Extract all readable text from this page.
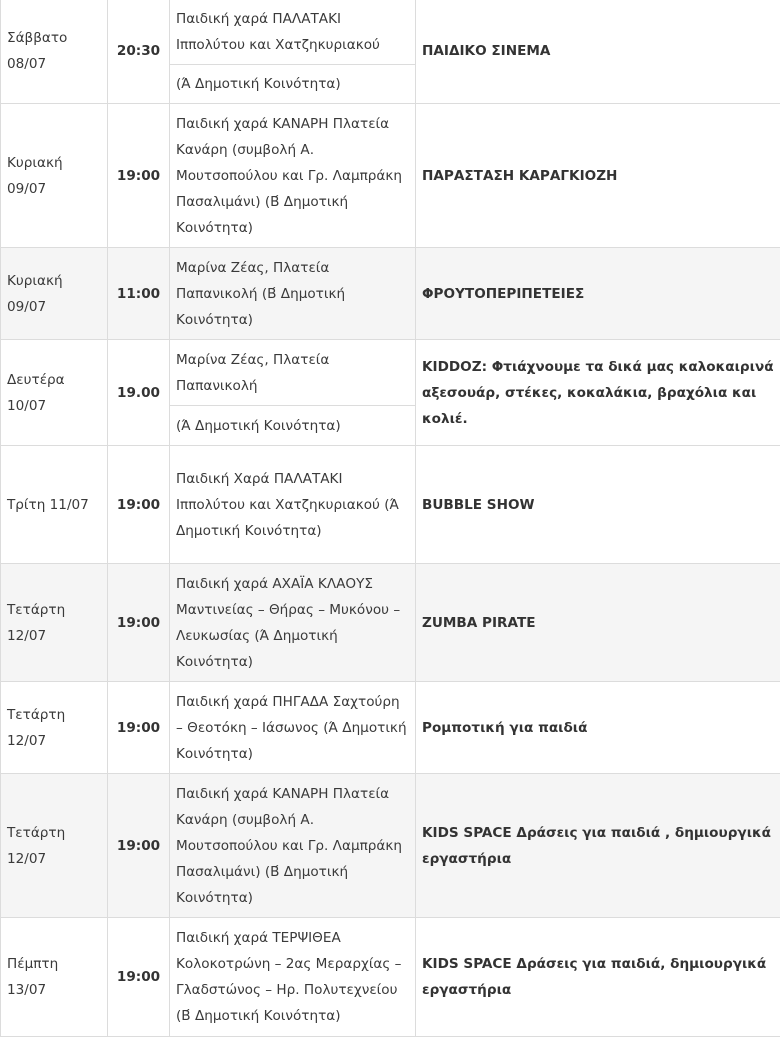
Σάββατο 08/07	20:30	Παιδική χαρά ΠΑΛΑΤΑΚΙ Ιππολύτου και Χατζηκυριακού	ΠΑΙΔΙΚΟ ΣΙΝΕΜΑ
		(Ά Δημοτική Κοινότητα)	
Κυριακή 09/07	19:00	Παιδική χαρά ΚΑΝΑΡΗ Πλατεία Κανάρη (συμβολή Α. Μουτσοπούλου και Γρ. Λαμπράκη Πασαλιμάνι) (Β́ Δημοτική Κοινότητα)	ΠΑΡΑΣΤΑΣΗ ΚΑΡΑΓΚΙΟΖΗ
Κυριακή 09/07	11:00	Μαρίνα Ζέας, Πλατεία Παπανικολή (Β́ Δημοτική Κοινότητα)	ΦΡΟΥΤΟΠΕΡΙΠΕΤΕΙΕΣ
Δευτέρα 10/07	19.00	Μαρίνα Ζέας, Πλατεία Παπανικολή	KIDDOZ: Φτιάχνουμε τα δικά μας καλοκαιρινά αξεσουάρ, στέκες, κοκαλάκια, βραχόλια και κολιέ.
		(Ά Δημοτική Κοινότητα)	
Τρίτη 11/07	19:00	Παιδική Χαρά ΠΑΛΑΤΑΚΙ Ιππολύτου και Χατζηκυριακού (Ά Δημοτική Κοινότητα)	BUBBLE SHOW
Τετάρτη 12/07	19:00	Παιδική χαρά ΑΧΑΪΑ ΚΛΑΟΥΣ Μαντινείας – Θήρας – Μυκόνου – Λευκωσίας (Ά Δημοτική Κοινότητα)	ZUMBA PIRATE
Τετάρτη 12/07	19:00	Παιδική χαρά ΠΗΓΑΔΑ Σαχτούρη – Θεοτόκη – Ιάσωνος (Ά Δημοτική Κοινότητα)	Ρομποτική για παιδιά
Τετάρτη 12/07	19:00	Παιδική χαρά ΚΑΝΑΡΗ Πλατεία Κανάρη (συμβολή Α. Μουτσοπούλου και Γρ. Λαμπράκη Πασαλιμάνι) (Β́ Δημοτική Κοινότητα)	KIDS SPACE Δράσεις για παιδιά , δημιουργικά εργαστήρια
Πέμπτη 13/07	19:00	Παιδική χαρά ΤΕΡΨΙΘΕΑ Κολοκοτρώνη – 2ας Μεραρχίας – Γλαδστώνος – Ηρ. Πολυτεχνείου (Β́ Δημοτική Κοινότητα)	KIDS SPACE Δράσεις για παιδιά, δημιουργικά εργαστήρια
